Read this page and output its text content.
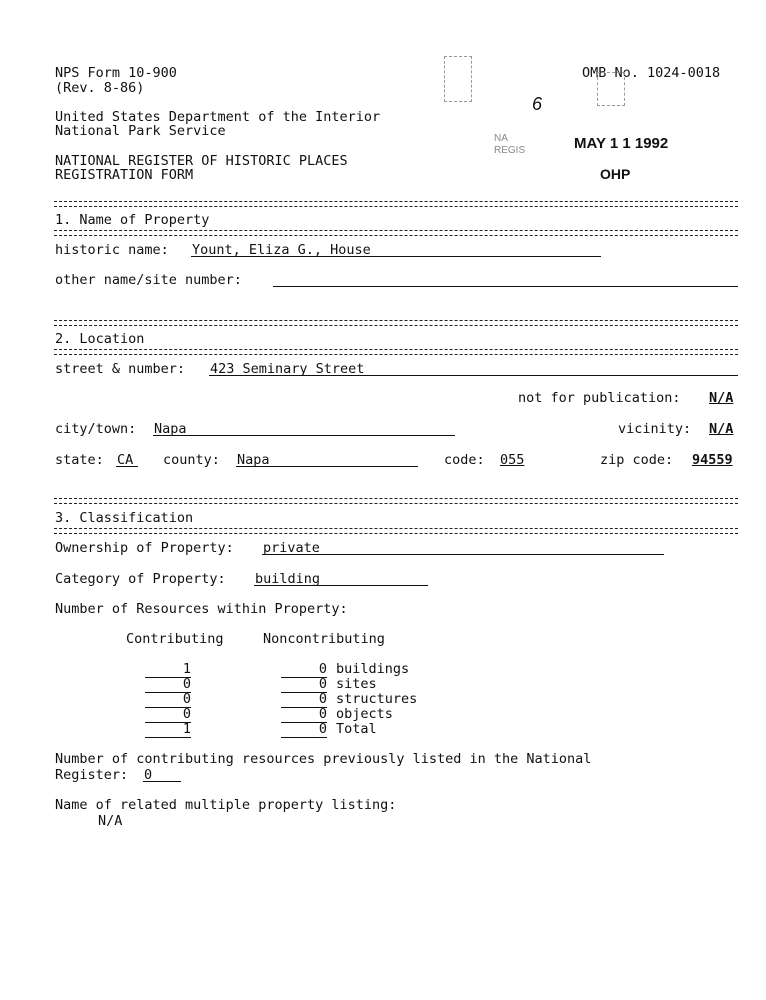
NPS Form 10-900
(Rev. 8-86)
OMB No. 1024-0018
United States Department of the Interior
National Park Service
NATIONAL REGISTER OF HISTORIC PLACES
REGISTRATION FORM
6
NA
REGIS	MAY 1 1 1992
OHP
1. Name of Property
historic name: Yount, Eliza G., House
other name/site number:
2. Location
street & number: 423 Seminary Street
not for publication: N/A
city/town: Napa	vicinity: N/A
state: CA county: Napa	code: 055	zip code: 94559
3. Classification
Ownership of Property: private
Category of Property: building
Number of Resources within Property:
Contributing	Noncontributing
1	0 buildings
0	0 sites
0	0 structures
0	0 objects
1	0 Total
Number of contributing resources previously listed in the National
Register: 0
Name of related multiple property listing:
N/A
